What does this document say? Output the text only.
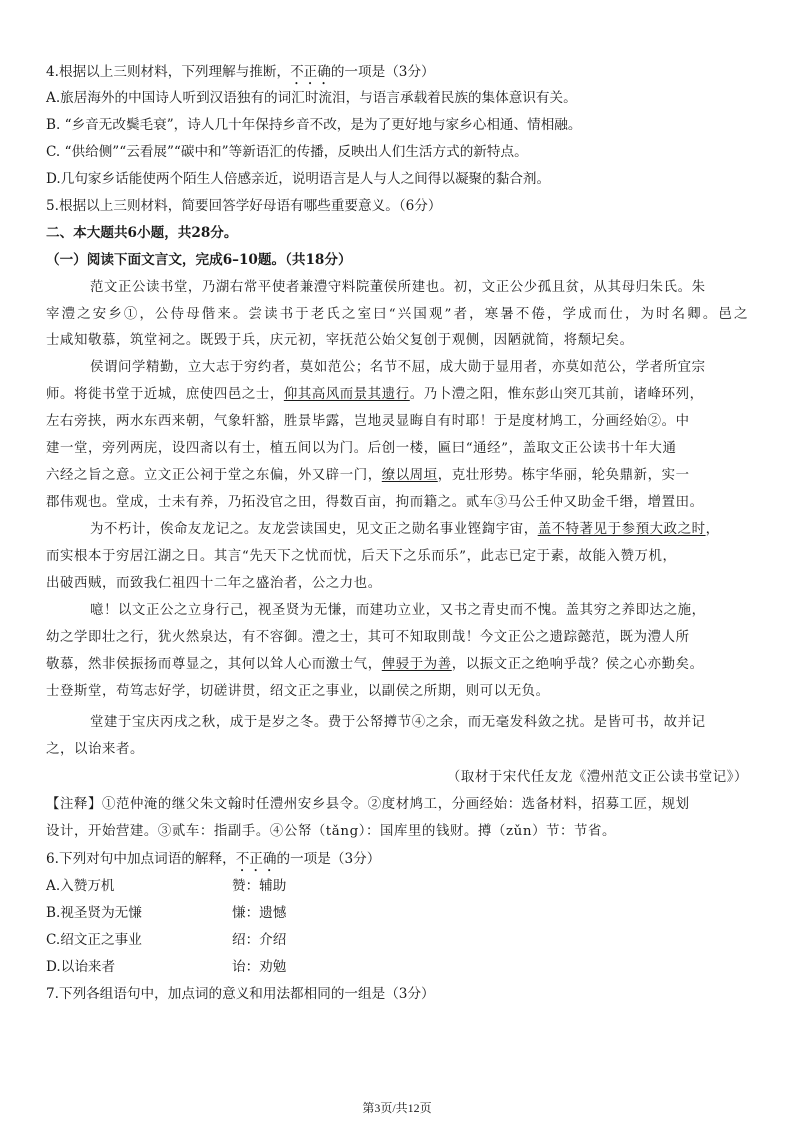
4.根据以上三则材料，下列理解与推断，不正确的一项是（3分）
A.旅居海外的中国诗人听到汉语独有的词汇时流泪，与语言承载着民族的集体意识有关。
B. “乡音无改鬓毛衰”，诗人几十年保持乡音不改，是为了更好地与家乡心相通、情相融。
C. “供给侧”“云看展”“碳中和”等新语汇的传播，反映出人们生活方式的新特点。
D.几句家乡话能使两个陌生人倍感亲近，说明语言是人与人之间得以凝聚的黏合剂。
5.根据以上三则材料，简要回答学好母语有哪些重要意义。（6分）
二、本大题共6小题，共28分。
（一）阅读下面文言文，完成6–10题。（共18分）
范文正公读书堂，乃湖右常平使者兼澧守料院董侯所建也。初，文正公少孤且贫，从其母归朱氏。朱
宰澧之安乡①，公侍母偕来。尝读书于老氏之室曰“兴国观”者，寒暑不倦，学成而仕，为时名卿。邑之
士咸知敬慕，筑堂祠之。既毁于兵，庆元初，宰抚范公始父复创于观侧，因陋就简，将颓圮矣。
侯谓问学精勤，立大志于穷约者，莫如范公；名节不屈，成大勋于显用者，亦莫如范公，学者所宜宗
师。将徙书堂于近城，庶使四邑之士，仰其高风而景其遗行。乃卜澧之阳，惟东彭山突兀其前，诸峰环列，
左右旁挟，两水东西来朝，气象轩豁，胜景毕露，岂地灵显晦自有时耶！于是度材鸠工，分画经始②。中
建一堂，旁列两庑，设四斋以有士，植五间以为门。后创一楼，匾曰“通经”，盖取文正公读书十年大通
六经之旨之意。立文正公祠于堂之东偏，外又辟一门，缭以周垣，克壮形势。栋宇华丽，轮奂鼎新，实一
郡伟观也。堂成，士未有养，乃拓没官之田，得数百亩，拘而籍之。贰车③马公壬仲又助金千缗，增置田。
为不朽计，俟命友龙记之。友龙尝读国史，见文正之勋名事业铿鍧宇宙，盖不特著见于参預大政之时，
而实根本于穷居江湖之日。其言“先天下之忧而忧，后天下之乐而乐”，此志已定于素，故能入赞万机，
出破西贼，而致我仁祖四十二年之盛治者，公之力也。
噫！以文正公之立身行己，视圣贤为无慊，而建功立业，又书之青史而不愧。盖其穷之养即达之施，
幼之学即壮之行，犹火然泉达，有不容御。澧之士，其可不知取則哉！今文正公之遗踪懿范，既为澧人所
敬慕，然非侯振扬而尊显之，其何以耸人心而激士气，俾骎于为善，以振文正之绝响乎哉？侯之心亦勤矣。
士登斯堂，苟笃志好学，切磋讲贯，绍文正之事业，以副侯之所期，则可以无负。
堂建于宝庆丙戌之秋，成于是岁之冬。费于公帑撙节④之余，而无毫发科敛之扰。是皆可书，故并记
之，以诒来者。
（取材于宋代任友龙《澧州范文正公读书堂记》）
【注释】①范仲淹的继父朱文翰时任澧州安乡县令。②度材鸠工，分画经始：选备材料，招募工匠，规划
设计，开始营建。③贰车：指副手。④公帑（tǎng）：国库里的钱财。撙（zǔn）节：节省。
6.下列对句中加点词语的解释，不正确的一项是（3分）
A.入赞万机	赞：辅助
B.视圣贤为无慊	慊：遗憾
C.绍文正之事业	绍：介绍
D.以诒来者	诒：劝勉
7.下列各组语句中，加点词的意义和用法都相同的一组是（3分）
第3页/共12页
